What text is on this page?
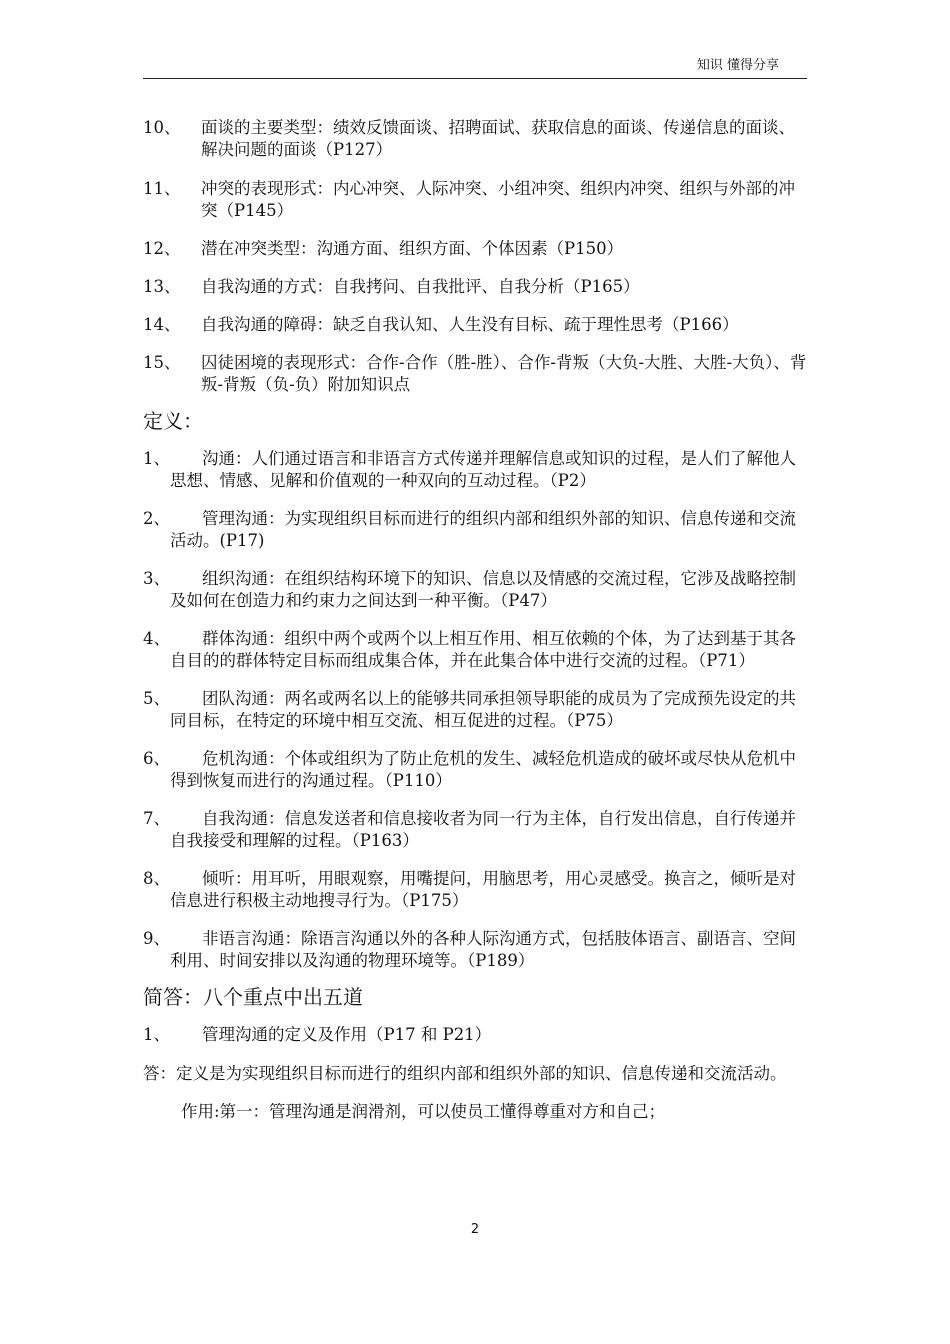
知识 懂得分享
10、	面谈的主要类型：绩效反馈面谈、招聘面试、获取信息的面谈、传递信息的面谈、解决问题的面谈（P127）
11、	冲突的表现形式：内心冲突、人际冲突、小组冲突、组织内冲突、组织与外部的冲突（P145）
12、	潜在冲突类型：沟通方面、组织方面、个体因素（P150）
13、	自我沟通的方式：自我拷问、自我批评、自我分析（P165）
14、	自我沟通的障碍：缺乏自我认知、人生没有目标、疏于理性思考（P166）
15、	囚徒困境的表现形式：合作-合作（胜-胜）、合作-背叛（大负-大胜、大胜-大负）、背叛-背叛（负-负）附加知识点
定义：
1、	沟通：人们通过语言和非语言方式传递并理解信息或知识的过程，是人们了解他人思想、情感、见解和价值观的一种双向的互动过程。（P2）
2、	管理沟通：为实现组织目标而进行的组织内部和组织外部的知识、信息传递和交流活动。(P17)
3、	组织沟通：在组织结构环境下的知识、信息以及情感的交流过程，它涉及战略控制及如何在创造力和约束力之间达到一种平衡。（P47）
4、	群体沟通：组织中两个或两个以上相互作用、相互依赖的个体，为了达到基于其各自目的的群体特定目标而组成集合体，并在此集合体中进行交流的过程。（P71）
5、	团队沟通：两名或两名以上的能够共同承担领导职能的成员为了完成预先设定的共同目标，在特定的环境中相互交流、相互促进的过程。（P75）
6、	危机沟通：个体或组织为了防止危机的发生、减轻危机造成的破坏或尽快从危机中得到恢复而进行的沟通过程。（P110）
7、	自我沟通：信息发送者和信息接收者为同一行为主体，自行发出信息，自行传递并自我接受和理解的过程。（P163）
8、	倾听：用耳听，用眼观察，用嘴提问，用脑思考，用心灵感受。换言之，倾听是对信息进行积极主动地搜寻行为。（P175）
9、	非语言沟通：除语言沟通以外的各种人际沟通方式，包括肢体语言、副语言、空间利用、时间安排以及沟通的物理环境等。（P189）
简答：八个重点中出五道
1、	管理沟通的定义及作用（P17 和 P21）
答：定义是为实现组织目标而进行的组织内部和组织外部的知识、信息传递和交流活动。
作用:第一：管理沟通是润滑剂，可以使员工懂得尊重对方和自己；
2
